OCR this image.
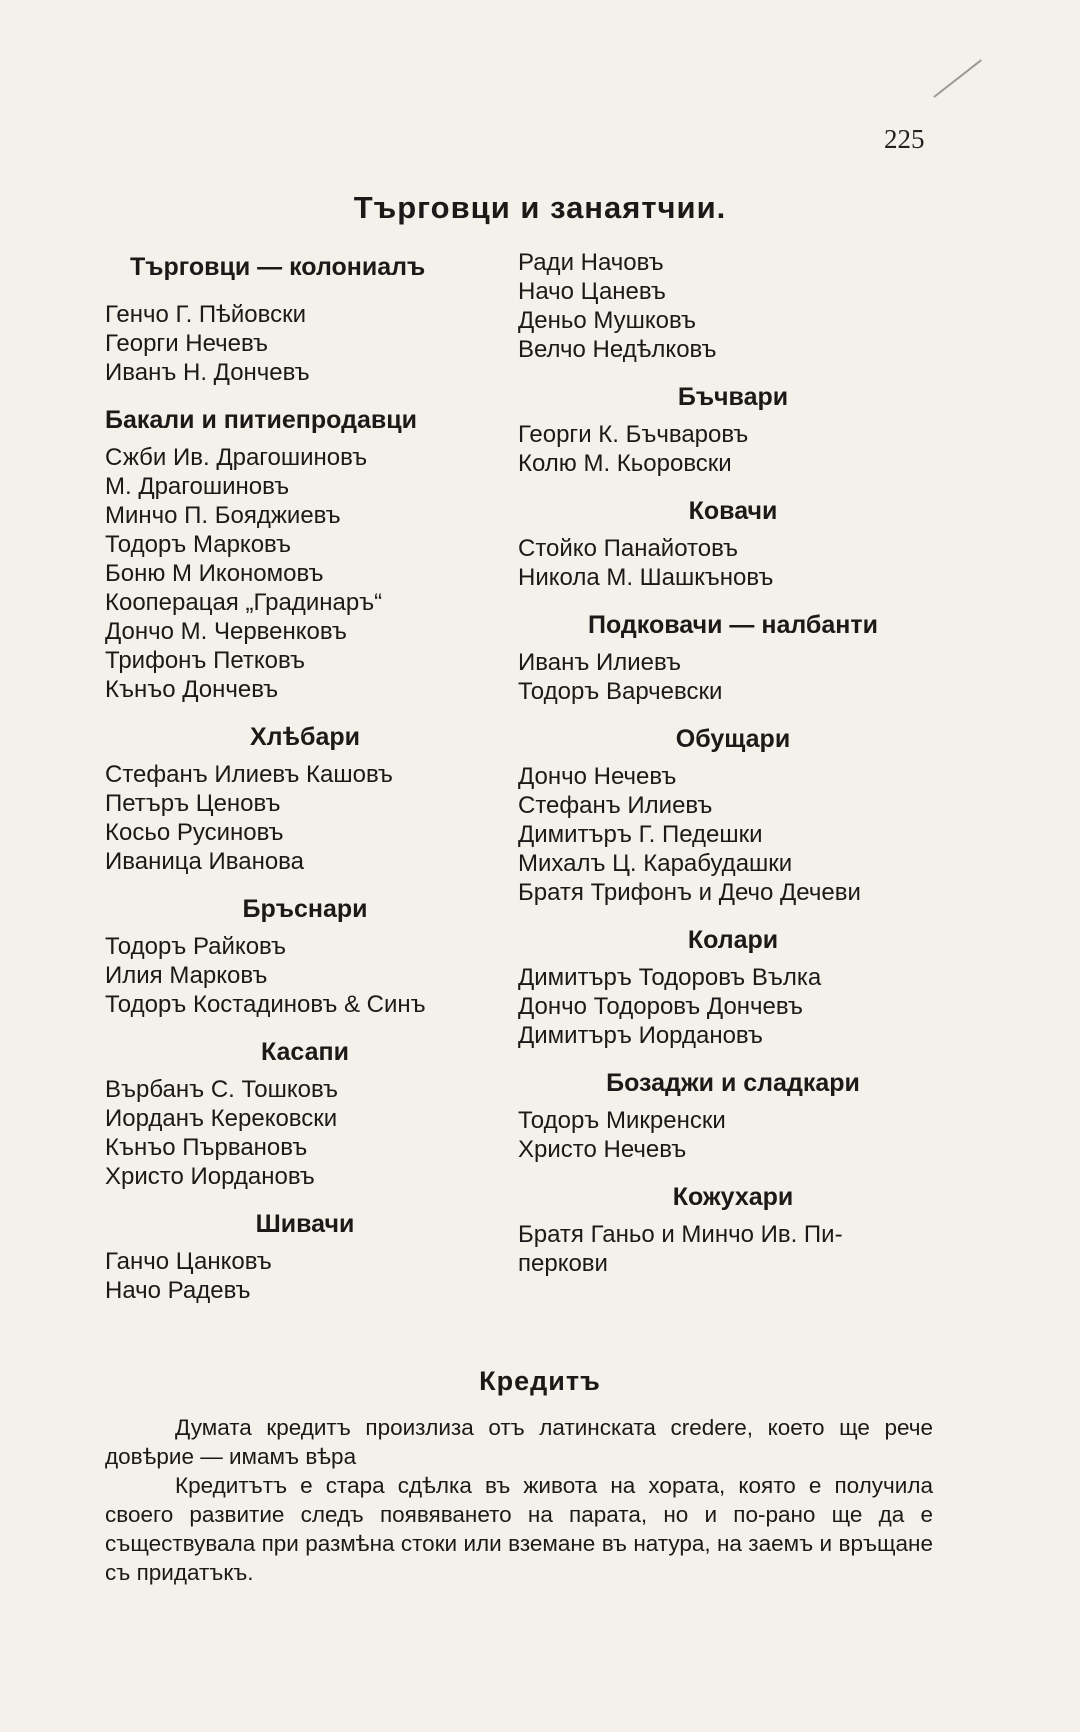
225
Търговци и занаятчии.
Търговци — колониалъ
Генчо Г. Пѣйовски
Георги Нечевъ
Иванъ Н. Дончевъ
Бакали и питиепродавци
Сжби Ив. Драгошиновъ
М. Драгошиновъ
Минчо П. Бояджиевъ
Тодоръ Марковъ
Боню М Икономовъ
Кооперацая „Градинаръ“
Дончо М. Червенковъ
Трифонъ Петковъ
Кънъо Дончевъ
Хлѣбари
Стефанъ Илиевъ Кашовъ
Петъръ Ценовъ
Косьо Русиновъ
Иваница Иванова
Бръснари
Тодоръ Райковъ
Илия Марковъ
Тодоръ Костадиновъ & Синъ
Касапи
Върбанъ С. Тошковъ
Иорданъ Керековски
Кънъо Първановъ
Христо Иордановъ
Шивачи
Ганчо Цанковъ
Начо Радевъ
Ради Начовъ
Начо Цаневъ
Деньо Мушковъ
Велчо Недѣлковъ
Бъчвари
Георги К. Бъчваровъ
Колю М. Кьоровски
Ковачи
Стойко Панайотовъ
Никола М. Шашкъновъ
Подковачи — налбанти
Иванъ Илиевъ
Тодоръ Варчевски
Обущари
Дончо Нечевъ
Стефанъ Илиевъ
Димитъръ Г. Педешки
Михалъ Ц. Карабудашки
Братя Трифонъ и Дечо Дечеви
Колари
Димитъръ Тодоровъ Вълка
Дончо Тодоровъ Дончевъ
Димитъръ Иордановъ
Бозаджи и сладкари
Тодоръ Микренски
Христо Нечевъ
Кожухари
Братя Ганьо и Минчо Ив. Пи-
перкови
Кредитъ

Думата кредитъ произлиза отъ латинската credere, което ще рече довѣрие — имамъ вѣра

Кредитътъ е стара сдѣлка въ живота на хората, която е получила своего развитие следъ появяването на парата, но и по-рано ще да е съществувала при размѣна стоки или вземане въ натура, на заемъ и връщане съ придатъкъ.
